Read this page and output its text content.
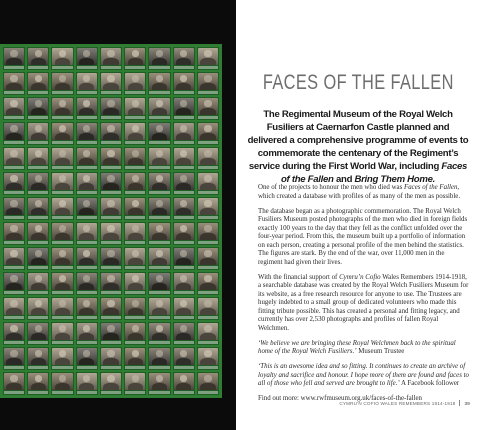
FACES OF THE FALLEN
The Regimental Museum of the Royal Welch Fusiliers at Caernarfon Castle planned and delivered a comprehensive programme of events to commemorate the centenary of the Regiment’s service during the First World War, including Faces of the Fallen and Bring Them Home.

One of the projects to honour the men who died was Faces of the Fallen, which created a database with profiles of as many of the men as possible.

The database began as a photographic commemoration. The Royal Welch Fusiliers Museum posted photographs of the men who died in foreign fields exactly 100 years to the day that they fell as the conflict unfolded over the four-year period. From this, the museum built up a portfolio of information on each person, creating a personal profile of the men behind the statistics. The figures are stark. By the end of the war, over 11,000 men in the regiment had given their lives.

With the financial support of Cymru’n Cofio Wales Remembers 1914-1918, a searchable database was created by the Royal Welch Fusiliers Museum for its website, as a free research resource for anyone to use. The Trustees are hugely indebted to a small group of dedicated volunteers who made this fitting tribute possible. This has created a personal and fitting legacy, and currently has over 2,530 photographs and profiles of fallen Royal Welchmen.

‘We believe we are bringing these Royal Welchmen back to the spiritual home of the Royal Welch Fusiliers.’ Museum Trustee

‘This is an awesome idea and so fitting. It continues to create an archive of loyalty and sacrifice and honour. I hope more of them are found and faces to all of those who fell and served are brought to life.’ A Facebook follower

Find out more: www.rwfmuseum.org.uk/faces-of-the-fallen

CYMRU’N COFIO WALES REMEMBERS 1914-1918 39
